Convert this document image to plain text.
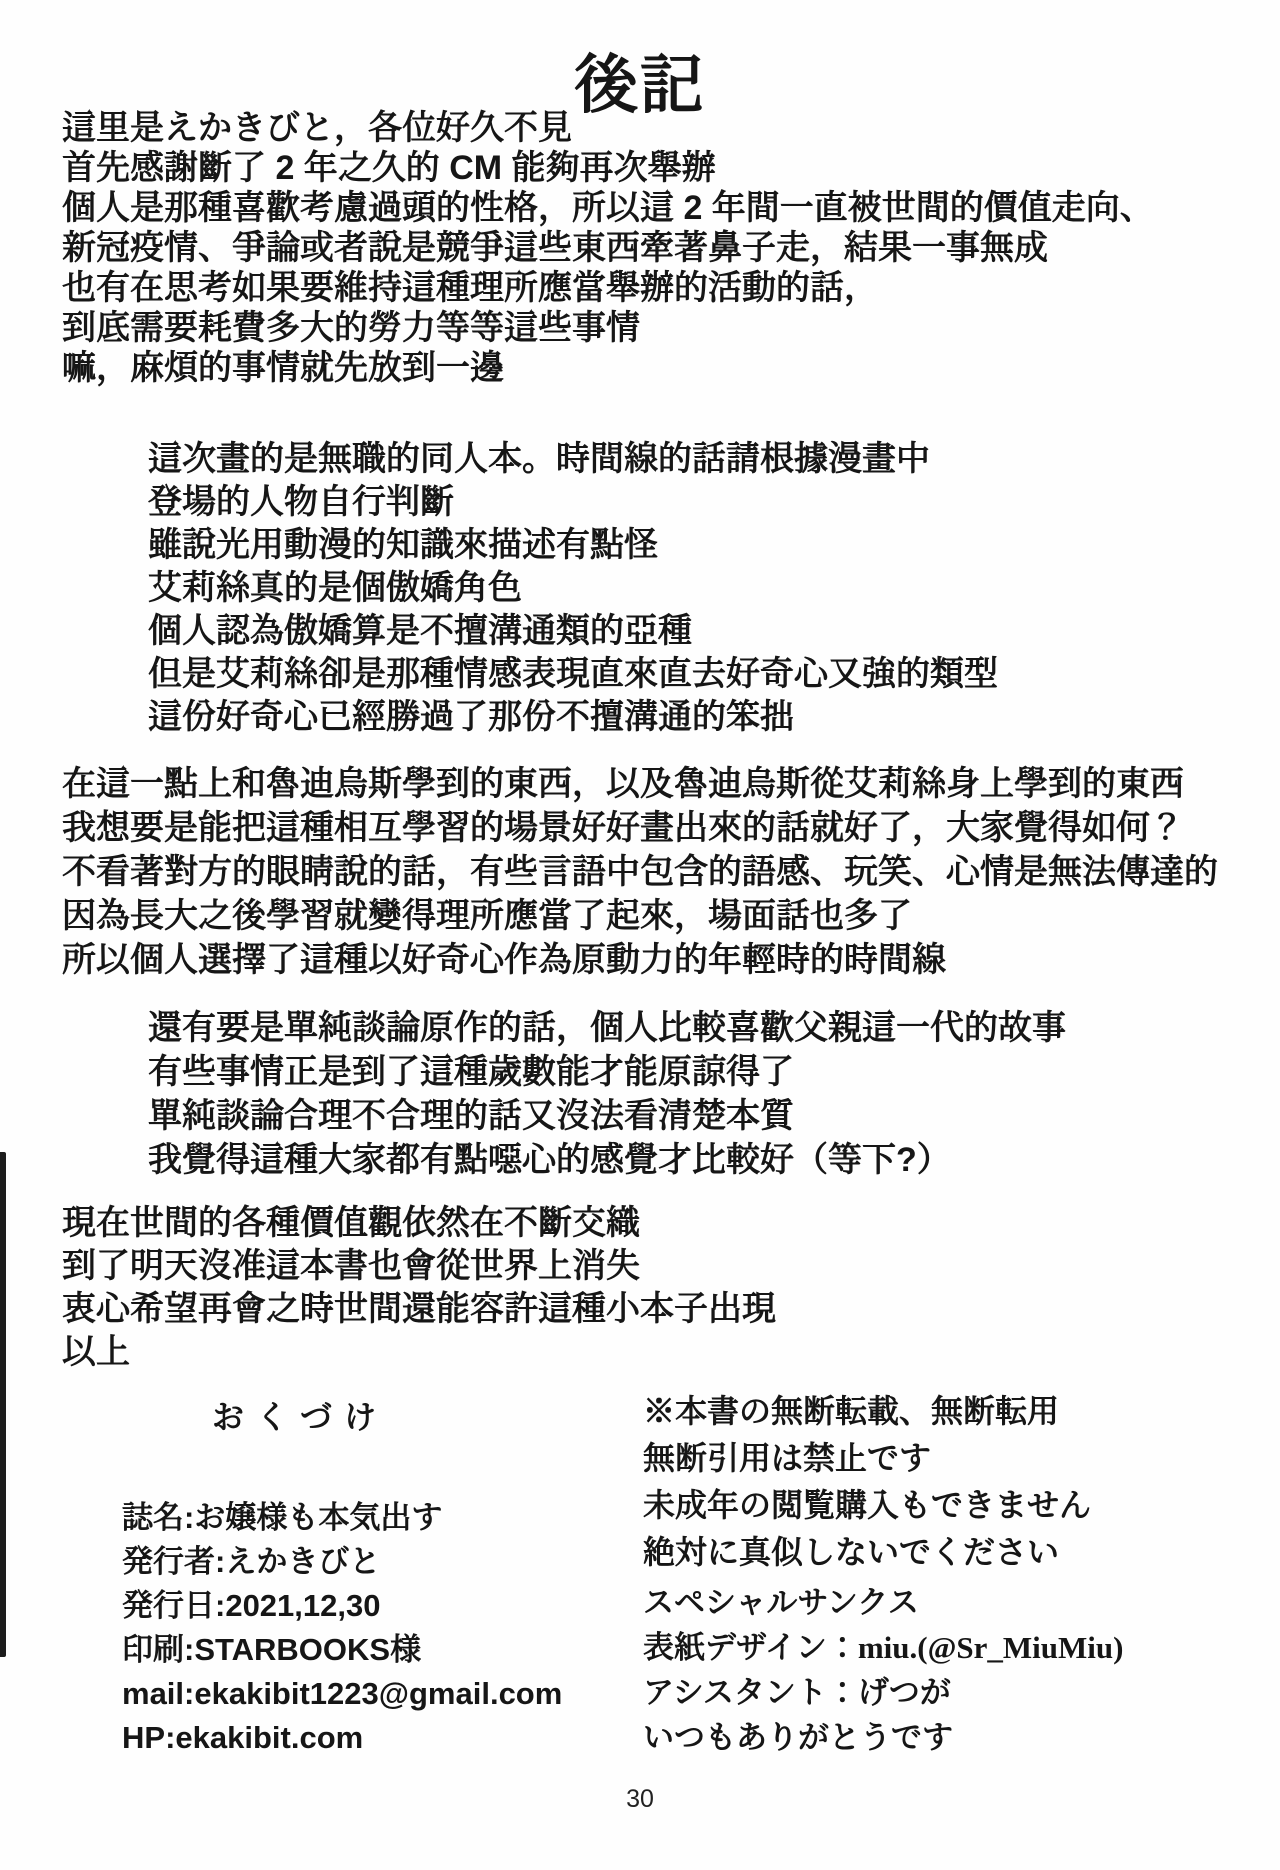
後記
這里是えかきびと，各位好久不見
首先感謝斷了 2 年之久的 CM 能夠再次舉辦
個人是那種喜歡考慮過頭的性格，所以這 2 年間一直被世間的價值走向、
新冠疫情、爭論或者說是競爭這些東西牽著鼻子走，結果一事無成
也有在思考如果要維持這種理所應當舉辦的活動的話，
到底需要耗費多大的勞力等等這些事情
嘛，麻煩的事情就先放到一邊
這次畫的是無職的同人本。時間線的話請根據漫畫中
登場的人物自行判斷
雖說光用動漫的知識來描述有點怪
艾莉絲真的是個傲嬌角色
個人認為傲嬌算是不擅溝通類的亞種
但是艾莉絲卻是那種情感表現直來直去好奇心又強的類型
這份好奇心已經勝過了那份不擅溝通的笨拙
在這一點上和魯迪烏斯學到的東西，以及魯迪烏斯從艾莉絲身上學到的東西
我想要是能把這種相互學習的場景好好畫出來的話就好了，大家覺得如何？
不看著對方的眼睛說的話，有些言語中包含的語感、玩笑、心情是無法傳達的
因為長大之後學習就變得理所應當了起來，場面話也多了
所以個人選擇了這種以好奇心作為原動力的年輕時的時間線
還有要是單純談論原作的話，個人比較喜歡父親這一代的故事
有些事情正是到了這種歲數能才能原諒得了
單純談論合理不合理的話又沒法看清楚本質
我覺得這種大家都有點噁心的感覺才比較好（等下?）
現在世間的各種價值觀依然在不斷交織
到了明天沒准這本書也會從世界上消失
衷心希望再會之時世間還能容許這種小本子出現
以上
おくづけ
誌名:お嬢様も本気出す
発行者:えかきびと
発行日:2021,12,30
印刷:STARBOOKS様
mail:ekakibit1223@gmail.com
HP:ekakibit.com
※本書の無断転載、無断転用
無断引用は禁止です
未成年の閲覧購入もできません
絶対に真似しないでください
スペシャルサンクス
表紙デザイン：miu.(@Sr_MiuMiu)
アシスタント：げつが
いつもありがとうです
30
